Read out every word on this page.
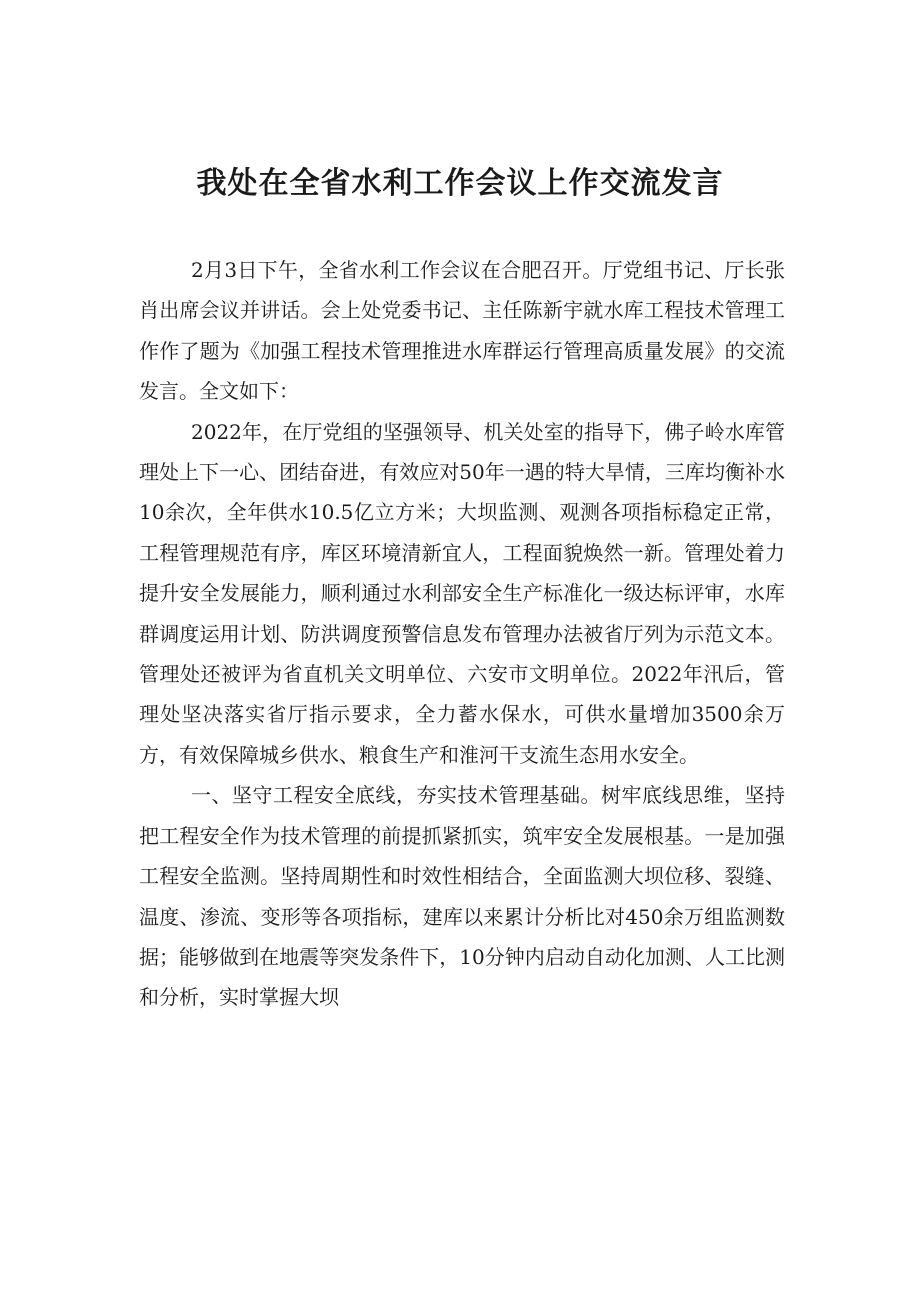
我处在全省水利工作会议上作交流发言

2月3日下午，全省水利工作会议在合肥召开。厅党组书记、厅长张肖出席会议并讲话。会上处党委书记、主任陈新宇就水库工程技术管理工作作了题为《加强工程技术管理推进水库群运行管理高质量发展》的交流发言。全文如下：

2022年，在厅党组的坚强领导、机关处室的指导下，佛子岭水库管理处上下一心、团结奋进，有效应对50年一遇的特大旱情，三库均衡补水10余次，全年供水10.5亿立方米；大坝监测、观测各项指标稳定正常，工程管理规范有序，库区环境清新宜人，工程面貌焕然一新。管理处着力提升安全发展能力，顺利通过水利部安全生产标准化一级达标评审，水库群调度运用计划、防洪调度预警信息发布管理办法被省厅列为示范文本。管理处还被评为省直机关文明单位、六安市文明单位。2022年汛后，管理处坚决落实省厅指示要求，全力蓄水保水，可供水量增加3500余万方，有效保障城乡供水、粮食生产和淮河干支流生态用水安全。

一、坚守工程安全底线，夯实技术管理基础。树牢底线思维，坚持把工程安全作为技术管理的前提抓紧抓实，筑牢安全发展根基。一是加强工程安全监测。坚持周期性和时效性相结合，全面监测大坝位移、裂缝、温度、渗流、变形等各项指标，建库以来累计分析比对450余万组监测数据；能够做到在地震等突发条件下，10分钟内启动自动化加测、人工比测和分析，实时掌握大坝
